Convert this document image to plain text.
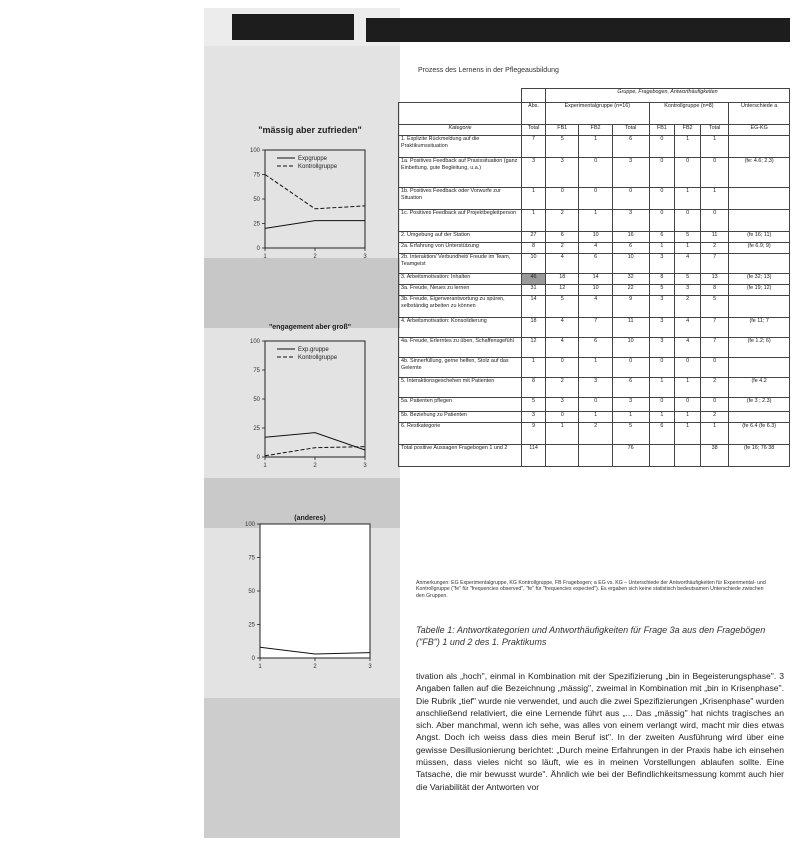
"mässig aber zufrieden"
100
75
50
25
0
1	2	3
Expgruppe
Kontrollgruppe
"engagement aber groß"
100
75
50
25
0
1	2	3
Exp.gruppe
Kontrollgruppe
(anderes)
100
75
50
25
0
1	2	3
Prozess des Lernens in der Pflegeausbildung
		Gruppe, Fragebogen, Antworthäufigkeiten						
	Abs.	Experimentalgruppe (n=16)			Kontrollgruppe (n=8)			Unterschiede a
Kategorie	Total	FB1	FB2	Total	FB1	FB2	Total	EG-KG
1. Explizite Rückmeldung auf die Praktikumssituation	7	5	1	6	0	1	1	
1a. Positives Feedback auf Praxissituation (ganz Einbettung, gute Begleitung, u.a.)	3	3	0	3	0	0	0	(fe: 4.6; 2.3)
1b. Positives Feedback oder Vorwurfe zur Situation	1	0	0	0	0	1	1	
1c. Positives Feedback auf Projektbegleitperson	1	2	1	3	0	0	0	
2. Umgebung auf der Station	27	6	10	16	6	5	11	(fe 16; 11)
2a. Erfahrung von Unterstützung	8	2	4	6	1	1	2	(fe 6.9; 9)
2b. Interaktion/ Verbundheit/ Freude im Team, Teamgeist	10	4	6	10	3	4	7	
3. Arbeitsmotivation: Inhalten	46	18	14	32	8	5	13	(fe 32; 13)
3a. Freude, Neues zu lernen	31	12	10	22	5	3	8	(fe 19; 12)
3b. Freude, Eigenverantwortung zu spüren, selbständig arbeiten zu können	14	5	4	9	3	2	5	
4. Arbeitsmotivation: Konsolidierung	18	4	7	11	3	4	7	(fe 11; 7
4a. Freude, Erlerntes zu üben, Schaffensgefühl	12	4	6	10	3	4	7	(fe 1.2; 6)
4b. Sinnerfüllung, gerne helfen, Stolz auf das Gelernte	1	0	1	0	0	0	0	
5. Interaktionsgeschehen mit Patienten	8	2	3	6	1	1	2	(fe 4.2
5a. Patienten pflegen	5	3	0	3	0	0	0	(fe 3 ; 2.3)
5b. Beziehung zu Patienten	3	0	1	1	1	1	2	
6. Restkategorie	9	1	2	5	6	1	1	(fe 6.4 (fe 6.3)
Total positive Aussagen Fragebogen 1 und 2	114			76			38	(fe 16; 76 38
Anmerkungen: EG Experimentalgruppe, KG Kontrollgruppe, FB Fragebogen; a EG vs. KG – Unterschiede der Antworthäufigkeiten für Experimental- und Kontrollgruppe ("fe" für "frequencies observed", "fe" für "frequencies expected"). Es ergaben sich keine statistisch bedeutsamen Unterschiede zwischen den Gruppen.
Tabelle 1: Antwortkategorien und Antworthäufigkeiten für Frage 3a aus den Fragebögen ("FB") 1 und 2 des 1. Praktikums

tivation als „hoch", einmal in Kombination mit der Spezifizierung „bin in Begeisterungsphase". 3 Angaben fallen auf die Bezeichnung „mässig", zweimal in Kombination mit „bin in Krisenphase". Die Rubrik „tief" wurde nie verwendet, und auch die zwei Spezifizierungen „Krisenphase" wurden anschließend relativiert, die eine Lernende führt aus „... Das „mässig" hat nichts tragisches an sich. Aber manchmal, wenn ich sehe, was alles von einem verlangt wird, macht mir dies etwas Angst. Doch ich weiss dass dies mein Beruf ist". In der zweiten Ausführung wird über eine gewisse Desillusionierung berichtet: „Durch meine Erfahrungen in der Praxis habe ich einsehen müssen, dass vieles nicht so läuft, wie es in meinen Vorstellungen ablaufen sollte. Eine Tatsache, die mir bewusst wurde". Ähnlich wie bei der Befindlichkeitsmessung kommt auch hier die Variabilität der Antworten vor
